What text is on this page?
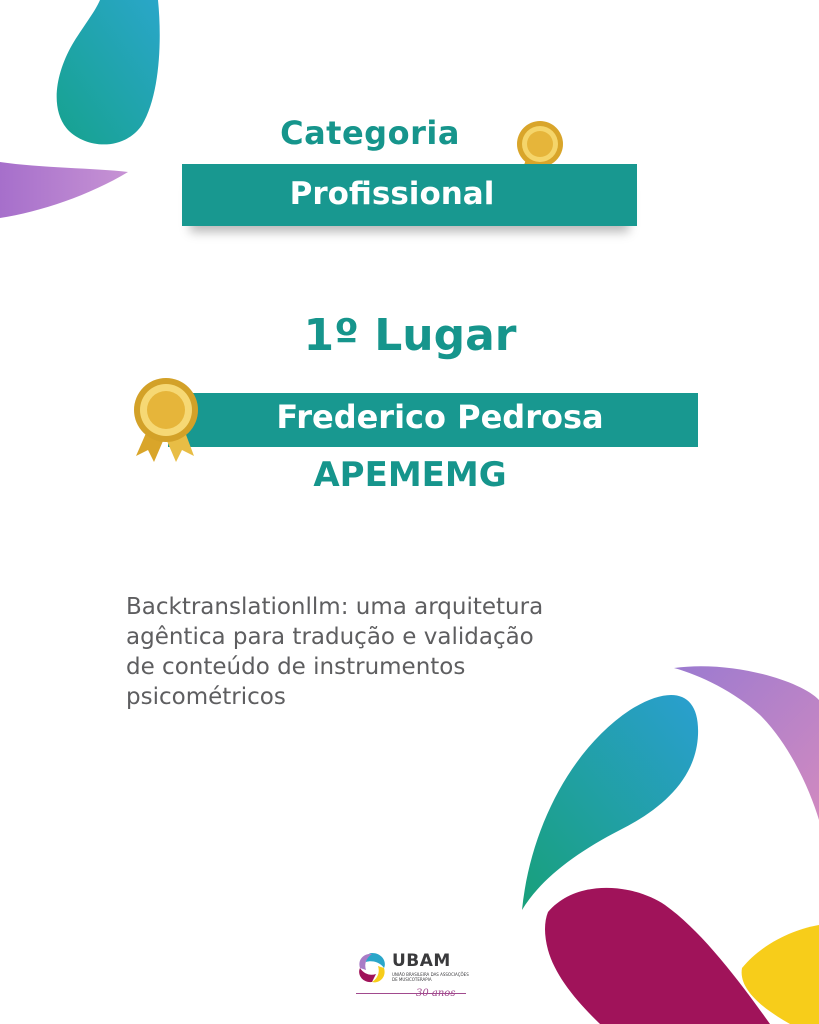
Categoria
Profissional
1º Lugar
Frederico Pedrosa
APEMEMG
Backtranslationllm: uma arquitetura agêntica para tradução e validação de conteúdo de instrumentos psicométricos
UBAM
UNIÃO BRASILEIRA DAS ASSOCIAÇÕES DE MUSICOTERAPIA
30 anos
